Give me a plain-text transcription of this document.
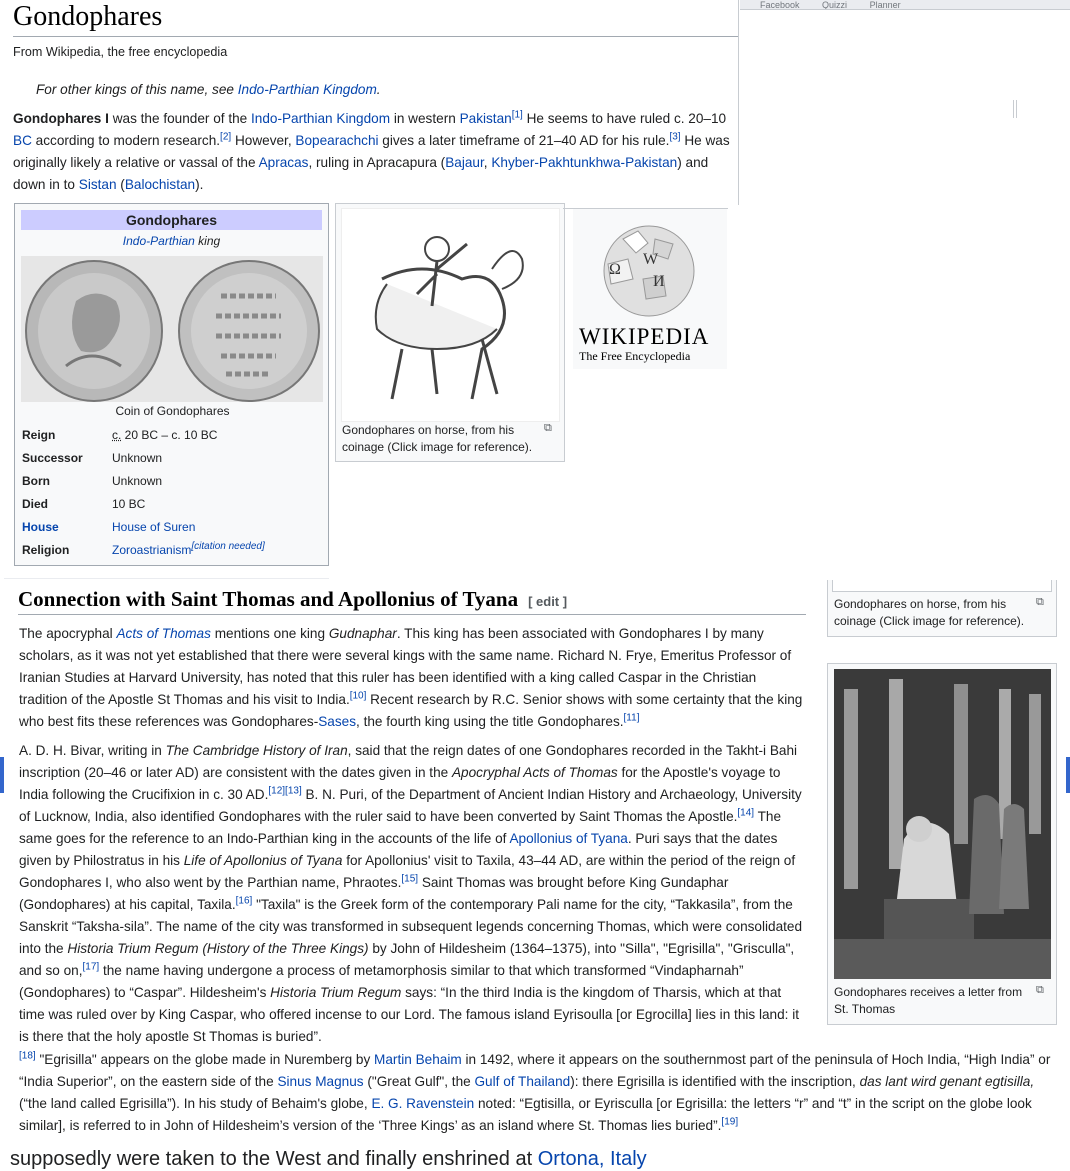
Facebook	Quizzi	Planner
Gondophares
From Wikipedia, the free encyclopedia
For other kings of this name, see Indo-Parthian Kingdom.
Gondophares I was the founder of the Indo-Parthian Kingdom in western Pakistan[1] He seems to have ruled c. 20–10 BC according to modern research.[2] However, Bopearachchi gives a later timeframe of 21–40 AD for his rule.[3] He was originally likely a relative or vassal of the Apracas, ruling in Apracapura (Bajaur, Khyber-Pakhtunkhwa-Pakistan) and down in to Sistan (Balochistan).
Gondophares
Indo-Parthian king
Coin of Gondophares
Reign	c. 20 BC – c. 10 BC
Successor Unknown
Born	Unknown
Died	10 BC
House	House of Suren
Religion	Zoroastrianism[citation needed]
Gondophares on horse, from his coinage (Click image for reference).
⧉
Ω
W
И
WIKIPEDIA
The Free Encyclopedia
Connection with Saint Thomas and Apollonius of Tyana [ edit ]
The apocryphal Acts of Thomas mentions one king Gudnaphar. This king has been associated with Gondophares I by many scholars, as it was not yet established that there were several kings with the same name. Richard N. Frye, Emeritus Professor of Iranian Studies at Harvard University, has noted that this ruler has been identified with a king called Caspar in the Christian tradition of the Apostle St Thomas and his visit to India.[10] Recent research by R.C. Senior shows with some certainty that the king who best fits these references was Gondophares-Sases, the fourth king using the title Gondophares.[11]
A. D. H. Bivar, writing in The Cambridge History of Iran, said that the reign dates of one Gondophares recorded in the Takht-i Bahi inscription (20–46 or later AD) are consistent with the dates given in the Apocryphal Acts of Thomas for the Apostle's voyage to India following the Crucifixion in c. 30 AD.[12][13] B. N. Puri, of the Department of Ancient Indian History and Archaeology, University of Lucknow, India, also identified Gondophares with the ruler said to have been converted by Saint Thomas the Apostle.[14] The same goes for the reference to an Indo-Parthian king in the accounts of the life of Apollonius of Tyana. Puri says that the dates given by Philostratus in his Life of Apollonius of Tyana for Apollonius' visit to Taxila, 43–44 AD, are within the period of the reign of Gondophares I, who also went by the Parthian name, Phraotes.[15] Saint Thomas was brought before King Gundaphar (Gondophares) at his capital, Taxila.[16] "Taxila" is the Greek form of the contemporary Pali name for the city, “Takkasila”, from the Sanskrit “Taksha-sila”. The name of the city was transformed in subsequent legends concerning Thomas, which were consolidated into the Historia Trium Regum (History of the Three Kings) by John of Hildesheim (1364–1375), into "Silla", "Egrisilla", "Grisculla", and so on,[17] the name having undergone a process of metamorphosis similar to that which transformed “Vindapharnah” (Gondophares) to “Caspar”. Hildesheim's Historia Trium Regum says: “In the third India is the kingdom of Tharsis, which at that time was ruled over by King Caspar, who offered incense to our Lord. The famous island Eyrisoulla [or Egrocilla] lies in this land: it is there that the holy apostle St Thomas is buried”.
[18] "Egrisilla" appears on the globe made in Nuremberg by Martin Behaim in 1492, where it appears on the southernmost part of the peninsula of Hoch India, “High India” or “India Superior”, on the eastern side of the Sinus Magnus ("Great Gulf", the Gulf of Thailand): there Egrisilla is identified with the inscription, das lant wird genant egtisilla, (“the land called Egrisilla”). In his study of Behaim's globe, E. G. Ravenstein noted: “Egtisilla, or Eyrisculla [or Egrisilla: the letters “r” and “t” in the script on the globe look similar], is referred to in John of Hildesheim’s version of the ‘Three Kings’ as an island where St. Thomas lies buried”.[19]
Gondophares on horse, from his coinage (Click image for reference).
⧉
Gondophares receives a letter from St. Thomas
⧉
supposedly were taken to the West and finally enshrined at Ortona, Italy
